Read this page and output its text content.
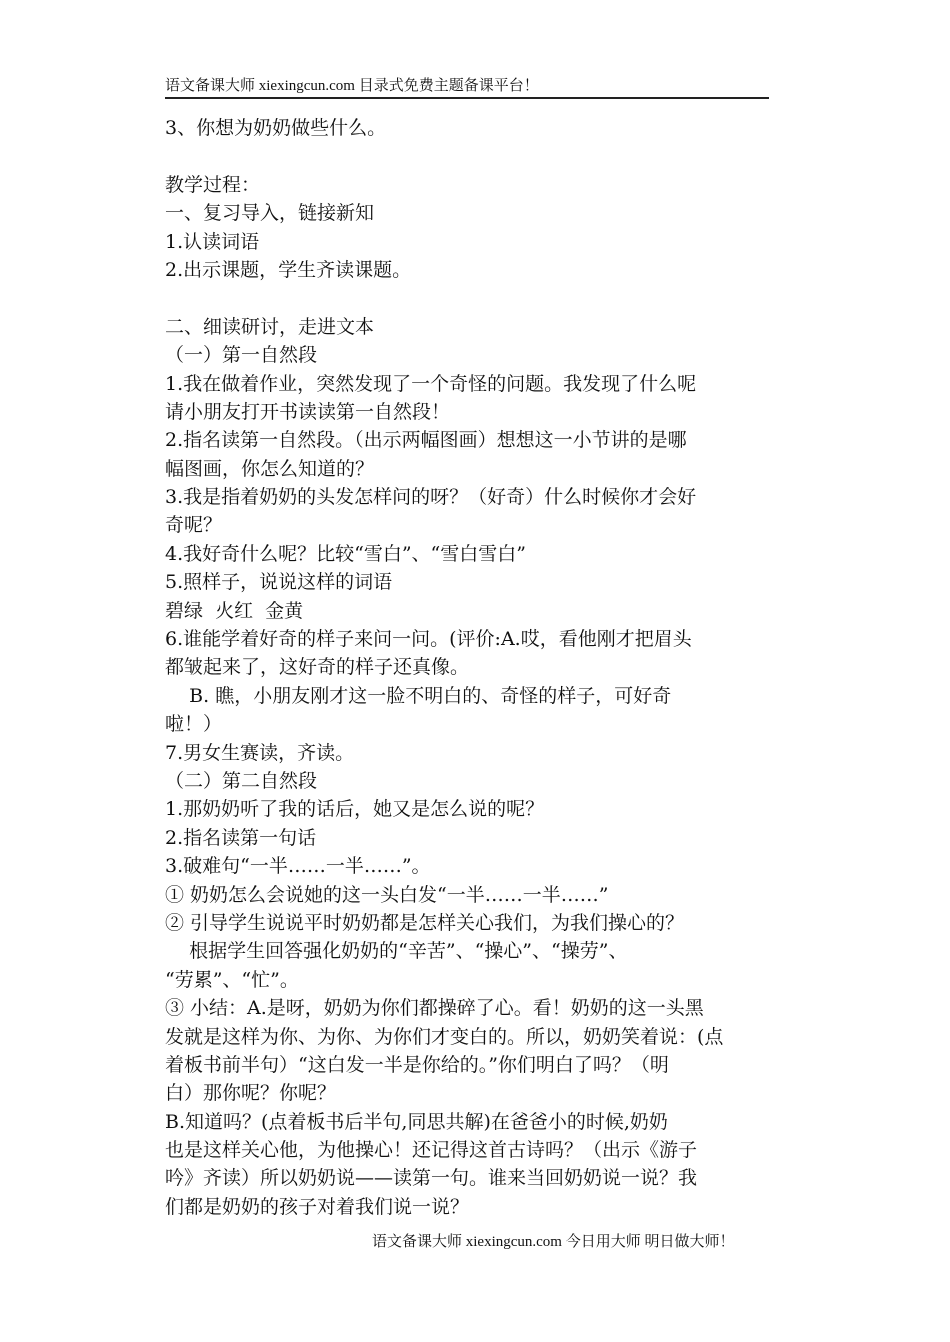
语文备课大师 xiexingcun.com 目录式免费主题备课平台！
3、你想为奶奶做些什么。
教学过程：
一、复习导入，链接新知
1.认读词语
2.出示课题，学生齐读课题。
二、细读研讨，走进文本
（一）第一自然段
1.我在做着作业，突然发现了一个奇怪的问题。我发现了什么呢
请小朋友打开书读读第一自然段！
2.指名读第一自然段。（出示两幅图画）想想这一小节讲的是哪
幅图画，你怎么知道的？
3.我是指着奶奶的头发怎样问的呀？（好奇）什么时候你才会好
奇呢？
4.我好奇什么呢？比较“雪白”、“雪白雪白”
5.照样子，说说这样的词语
碧绿  火红  金黄
6.谁能学着好奇的样子来问一问。(评价:A.哎，看他刚才把眉头
都皱起来了，这好奇的样子还真像。
B. 瞧，小朋友刚才这一脸不明白的、奇怪的样子，可好奇
啦！）
7.男女生赛读，齐读。
（二）第二自然段
1.那奶奶听了我的话后，她又是怎么说的呢？
2.指名读第一句话
3.破难句“一半……一半……”。
① 奶奶怎么会说她的这一头白发“一半……一半……”
② 引导学生说说平时奶奶都是怎样关心我们，为我们操心的？
根据学生回答强化奶奶的“辛苦”、“操心”、“操劳”、
“劳累”、“忙”。
③ 小结：A.是呀，奶奶为你们都操碎了心。看！奶奶的这一头黑
发就是这样为你、为你、为你们才变白的。所以，奶奶笑着说：(点
着板书前半句）“这白发一半是你给的。”你们明白了吗？（明
白）那你呢？你呢？
B.知道吗？(点着板书后半句,同思共解)在爸爸小的时候,奶奶
也是这样关心他，为他操心！还记得这首古诗吗？（出示《游子
吟》齐读）所以奶奶说——读第一句。谁来当回奶奶说一说？我
们都是奶奶的孩子对着我们说一说？
语文备课大师 xiexingcun.com 今日用大师 明日做大师！
